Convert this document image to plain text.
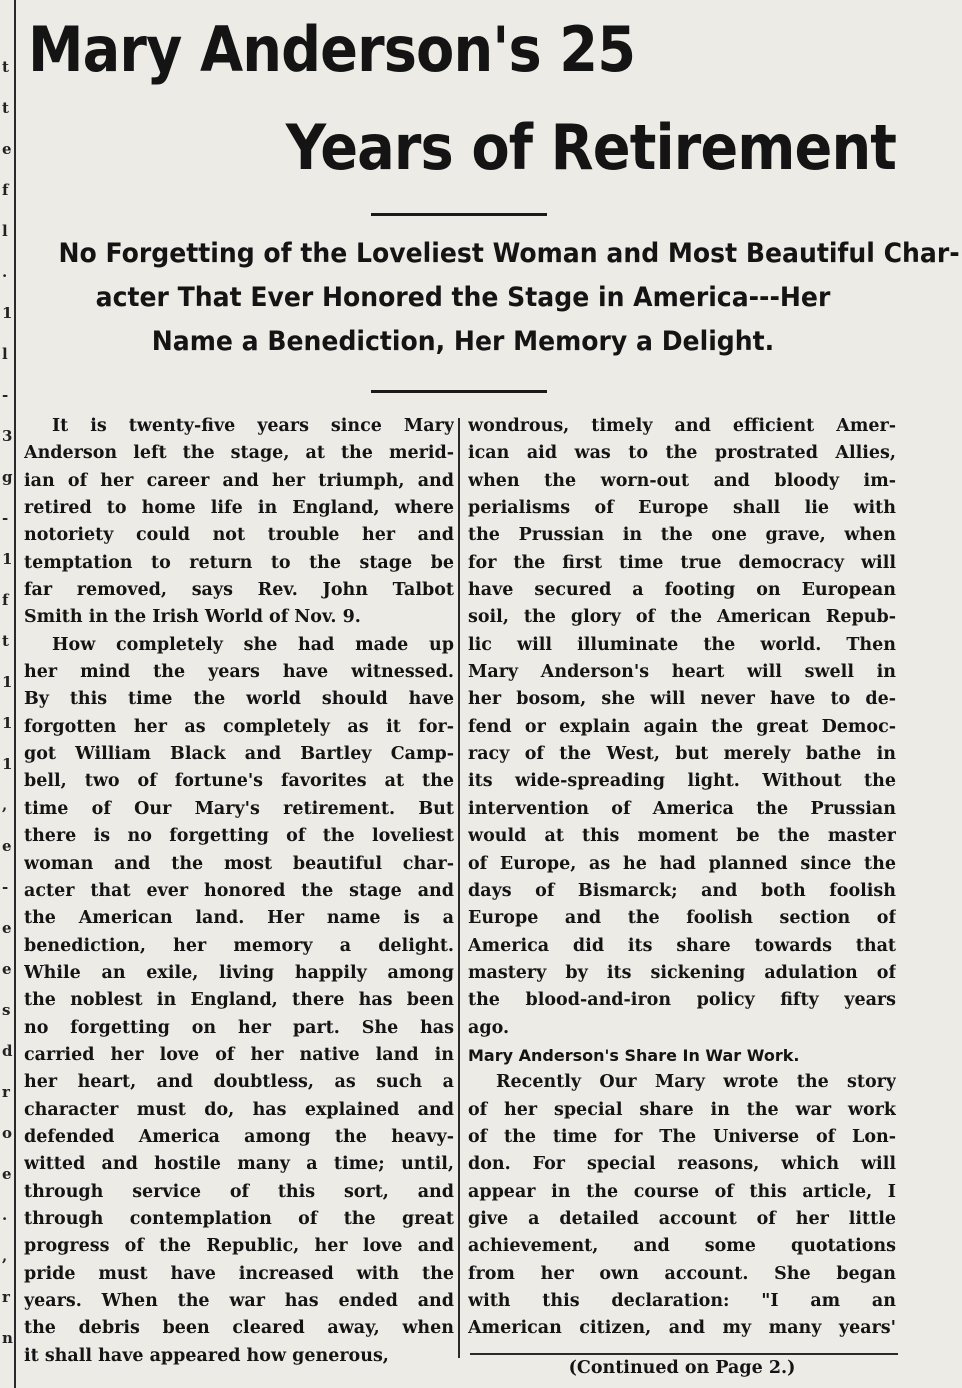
t
t
e
f
l
.
1
l
-
3
g
-
1
f
t
1
1
1
,
e
-
e
e
s
d
r
o
e
.
,
r
n
Mary Anderson's 25
Years of Retirement
No Forgetting of the Loveliest Woman and Most Beautiful Char-
acter That Ever Honored the Stage in America---Her
Name a Benediction, Her Memory a Delight.
It is twenty-five years since Mary
Anderson left the stage, at the merid-
ian of her career and her triumph, and
retired to home life in England, where
notoriety could not trouble her and
temptation to return to the stage be
far removed, says Rev. John Talbot
Smith in the Irish World of Nov. 9.
How completely she had made up
her mind the years have witnessed.
By this time the world should have
forgotten her as completely as it for-
got William Black and Bartley Camp-
bell, two of fortune's favorites at the
time of Our Mary's retirement. But
there is no forgetting of the loveliest
woman and the most beautiful char-
acter that ever honored the stage and
the American land. Her name is a
benediction, her memory a delight.
While an exile, living happily among
the noblest in England, there has been
no forgetting on her part. She has
carried her love of her native land in
her heart, and doubtless, as such a
character must do, has explained and
defended America among the heavy-
witted and hostile many a time; until,
through service of this sort, and
through contemplation of the great
progress of the Republic, her love and
pride must have increased with the
years. When the war has ended and
the debris been cleared away, when
it shall have appeared how generous,
wondrous, timely and efficient Amer-
ican aid was to the prostrated Allies,
when the worn-out and bloody im-
perialisms of Europe shall lie with
the Prussian in the one grave, when
for the first time true democracy will
have secured a footing on European
soil, the glory of the American Repub-
lic will illuminate the world. Then
Mary Anderson's heart will swell in
her bosom, she will never have to de-
fend or explain again the great Democ-
racy of the West, but merely bathe in
its wide-spreading light. Without the
intervention of America the Prussian
would at this moment be the master
of Europe, as he had planned since the
days of Bismarck; and both foolish
Europe and the foolish section of
America did its share towards that
mastery by its sickening adulation of
the blood-and-iron policy fifty years
ago.
Mary Anderson's Share In War Work.
Recently Our Mary wrote the story
of her special share in the war work
of the time for The Universe of Lon-
don. For special reasons, which will
appear in the course of this article, I
give a detailed account of her little
achievement, and some quotations
from her own account. She began
with this declaration: "I am an
American citizen, and my many years'
(Continued on Page 2.)
